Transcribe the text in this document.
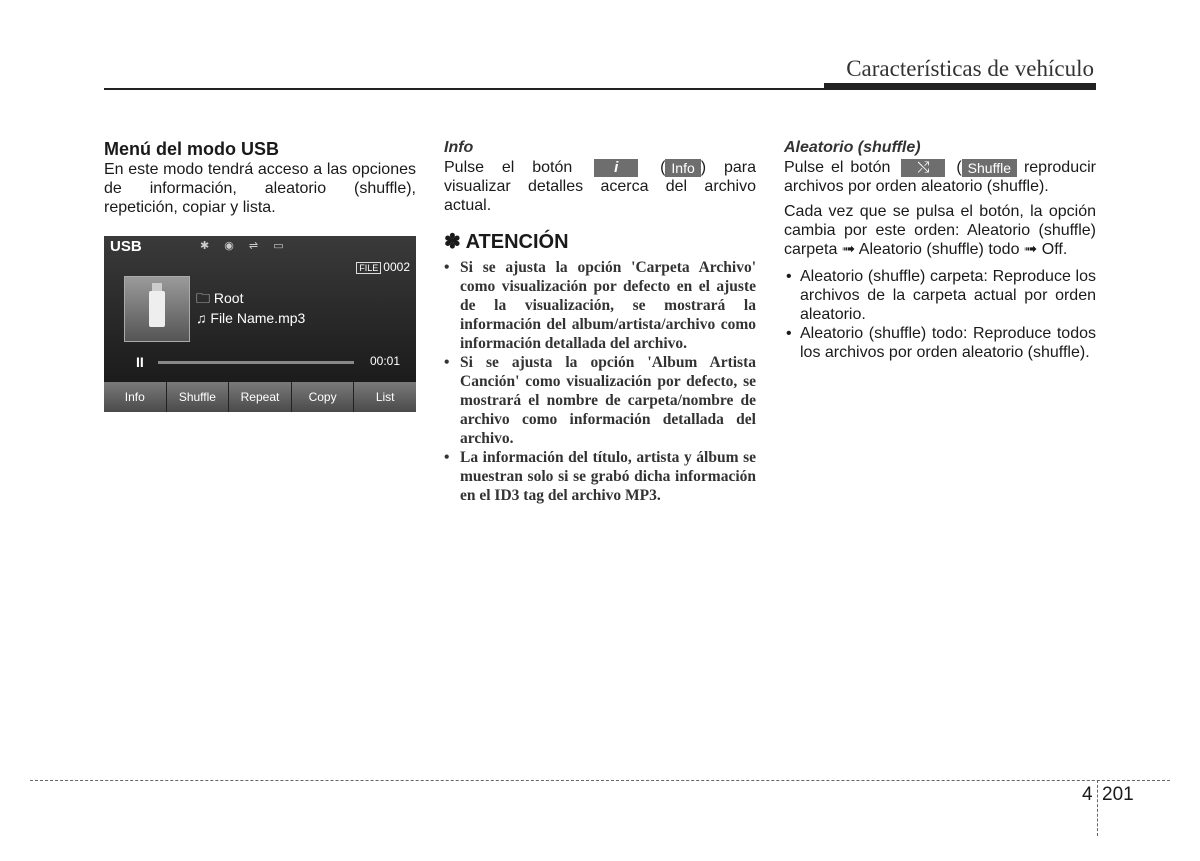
Características de vehículo
Menú del modo USB

En este modo tendrá acceso a las opciones de información, aleatorio (shuffle), repetición, copiar y lista.

USB	✱ ◉ ⇌ ▭
FILE 0002
🗀 Root
♫ File Name.mp3
II	00:01
Info	Shuffle	Repeat	Copy	List
Info

Pulse el botón	i ( Info ) para visualizar detalles acerca del archivo actual.

✽ ATENCIÓN
• Si se ajusta la opción 'Carpeta Archivo' como visualización por defecto en el ajuste de la visualización, se mostrará la información del album/artista/archivo como información detallada del archivo.
• Si se ajusta la opción 'Album Artista Canción' como visualización por defecto, se mostrará el nombre de carpeta/nombre de archivo como información detallada del archivo.
• La información del título, artista y álbum se muestran solo si se grabó dicha información en el ID3 tag del archivo MP3.
Aleatorio (shuffle)

Pulse el botón ⤭ ( Shuffle reproducir archivos por orden aleatorio (shuffle).

Cada vez que se pulsa el botón, la opción cambia por este orden: Aleatorio (shuffle) carpeta ➟ Aleatorio (shuffle) todo ➟ Off.

• Aleatorio (shuffle) carpeta: Reproduce los archivos de la carpeta actual por orden aleatorio.
• Aleatorio (shuffle) todo: Reproduce todos los archivos por orden aleatorio (shuffle).
4 201
